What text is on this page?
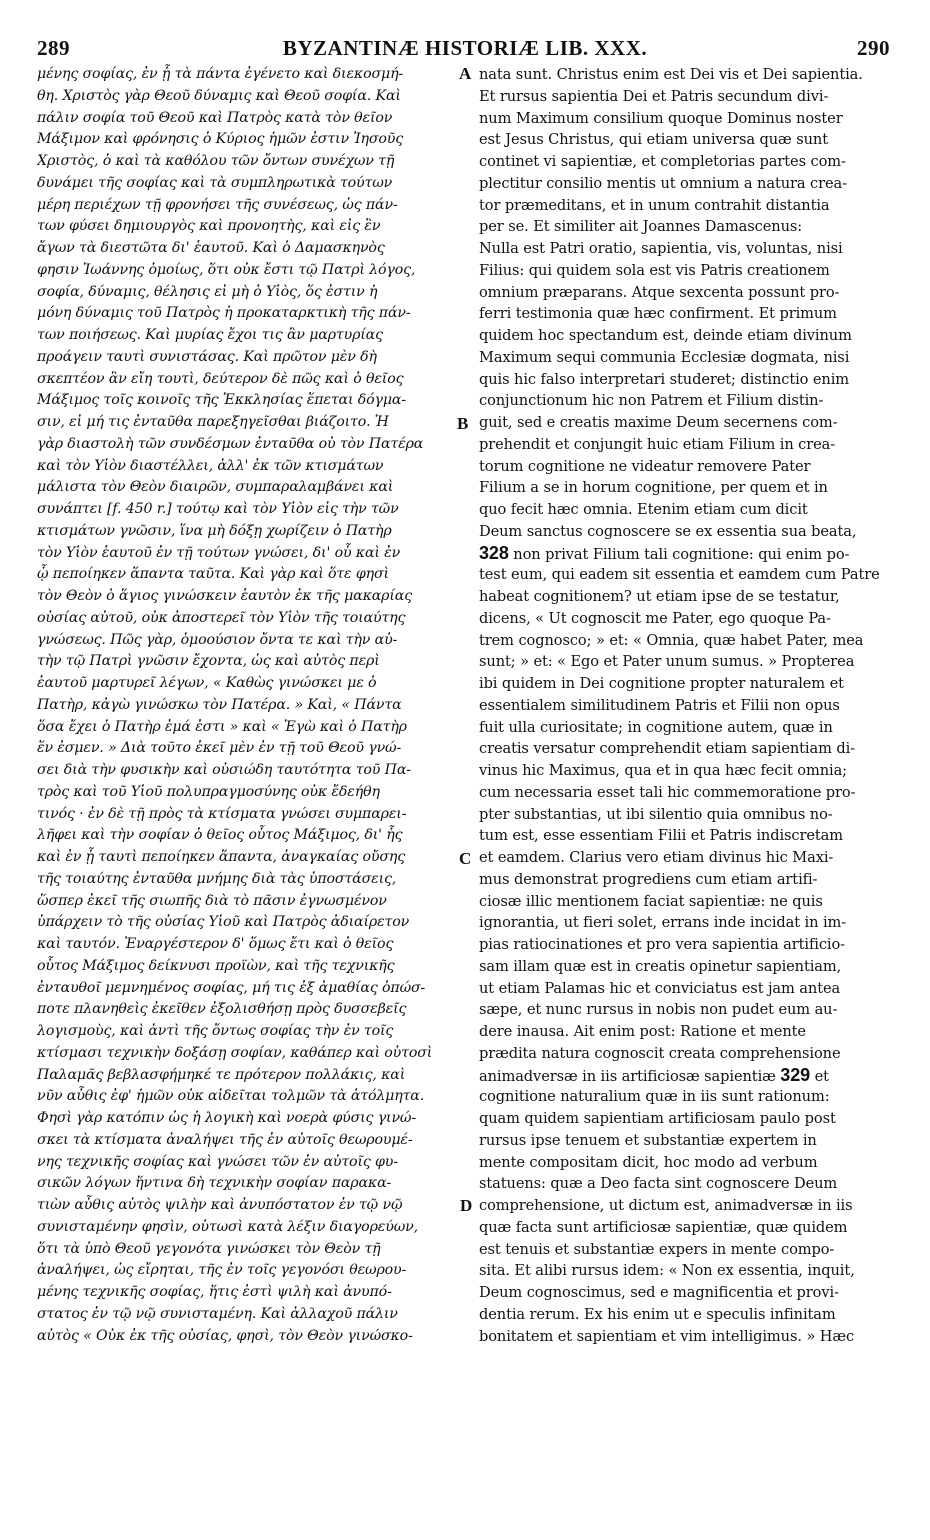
289	BYZANTINÆ HISTORIÆ LIB. XXX.	290
μένης σοφίας, ἐν ᾗ τὰ πάντα ἐγένετο καὶ διεκοσμή-
θη. Χριστὸς γὰρ Θεοῦ δύναμις καὶ Θεοῦ σοφία. Καὶ
πάλιν σοφία τοῦ Θεοῦ καὶ Πατρὸς κατὰ τὸν θεῖον
Μάξιμον καὶ φρόνησις ὁ Κύριος ἡμῶν ἐστιν Ἰησοῦς
Χριστὸς, ὁ καὶ τὰ καθόλου τῶν ὄντων συνέχων τῇ
δυνάμει τῆς σοφίας καὶ τὰ συμπληρωτικὰ τούτων
μέρη περιέχων τῇ φρονήσει τῆς συνέσεως, ὡς πάν-
των φύσει δημιουργὸς καὶ προνοητὴς, καὶ εἰς ἓν
ἄγων τὰ διεστῶτα δι' ἑαυτοῦ. Καὶ ὁ Δαμασκηνὸς
φησιν Ἰωάννης ὁμοίως, ὅτι οὐκ ἔστι τῷ Πατρὶ λόγος,
σοφία, δύναμις, θέλησις εἰ μὴ ὁ Υἱὸς, ὅς ἐστιν ἡ
μόνη δύναμις τοῦ Πατρὸς ἡ προκαταρκτικὴ τῆς πάν-
των ποιήσεως. Καὶ μυρίας ἔχοι τις ἂν μαρτυρίας
προάγειν ταυτὶ συνιστάσας. Καὶ πρῶτον μὲν δὴ
σκεπτέον ἂν εἴη τουτὶ, δεύτερον δὲ πῶς καὶ ὁ θεῖος
Μάξιμος τοῖς κοινοῖς τῆς Ἐκκλησίας ἕπεται δόγμα-
σιν, εἰ μή τις ἐνταῦθα παρεξηγεῖσθαι βιάζοιτο. Ἡ
γὰρ διαστολὴ τῶν συνδέσμων ἐνταῦθα οὐ τὸν Πατέρα
καὶ τὸν Υἱὸν διαστέλλει, ἀλλ' ἐκ τῶν κτισμάτων
μάλιστα τὸν Θεὸν διαιρῶν, συμπαραλαμβάνει καὶ
συνάπτει [f. 450 r.] τούτῳ καὶ τὸν Υἱὸν εἰς τὴν τῶν
κτισμάτων γνῶσιν, ἵνα μὴ δόξῃ χωρίζειν ὁ Πατὴρ
τὸν Υἱὸν ἑαυτοῦ ἐν τῇ τούτων γνώσει, δι' οὗ καὶ ἐν
ᾧ πεποίηκεν ἅπαντα ταῦτα. Καὶ γὰρ καὶ ὅτε φησὶ
τὸν Θεὸν ὁ ἅγιος γινώσκειν ἑαυτὸν ἐκ τῆς μακαρίας
οὐσίας αὐτοῦ, οὐκ ἀποστερεῖ τὸν Υἱὸν τῆς τοιαύτης
γνώσεως. Πῶς γὰρ, ὁμοούσιον ὄντα τε καὶ τὴν αὐ-
τὴν τῷ Πατρὶ γνῶσιν ἔχοντα, ὡς καὶ αὐτὸς περὶ
ἑαυτοῦ μαρτυρεῖ λέγων, « Καθὼς γινώσκει με ὁ
Πατὴρ, κἀγὼ γινώσκω τὸν Πατέρα. » Καὶ, « Πάντα
ὅσα ἔχει ὁ Πατὴρ ἐμά ἐστι » καὶ « Ἐγὼ καὶ ὁ Πατὴρ
ἕν ἐσμεν. » Διὰ τοῦτο ἐκεῖ μὲν ἐν τῇ τοῦ Θεοῦ γνώ-
σει διὰ τὴν φυσικὴν καὶ οὐσιώδη ταυτότητα τοῦ Πα-
τρὸς καὶ τοῦ Υἱοῦ πολυπραγμοσύνης οὐκ ἔδεήθη
τινός · ἐν δὲ τῇ πρὸς τὰ κτίσματα γνώσει συμπαρει-
λῆφει καὶ τὴν σοφίαν ὁ θεῖος οὗτος Μάξιμος, δι' ἧς
καὶ ἐν ᾗ ταυτὶ πεποίηκεν ἅπαντα, ἀναγκαίας οὔσης
τῆς τοιαύτης ἐνταῦθα μνήμης διὰ τὰς ὑποστάσεις,
ὥσπερ ἐκεῖ τῆς σιωπῆς διὰ τὸ πᾶσιν ἐγνωσμένον
ὑπάρχειν τὸ τῆς οὐσίας Υἱοῦ καὶ Πατρὸς ἀδιαίρετον
καὶ ταυτόν. Ἐναργέστερον δ' ὅμως ἔτι καὶ ὁ θεῖος
οὗτος Μάξιμος δείκνυσι προϊὼν, καὶ τῆς τεχνικῆς
ἐνταυθοῖ μεμνημένος σοφίας, μή τις ἐξ ἀμαθίας ὁπώσ-
ποτε πλανηθεὶς ἐκεῖθεν ἐξολισθήσῃ πρὸς δυσσεβεῖς
λογισμοὺς, καὶ ἀντὶ τῆς ὄντως σοφίας τὴν ἐν τοῖς
κτίσμασι τεχνικὴν δοξάσῃ σοφίαν, καθάπερ καὶ οὑτοσὶ
Παλαμᾶς βεβλασφήμηκέ τε πρότερον πολλάκις, καὶ
νῦν αὖθις ἐφ' ἡμῶν οὐκ αἰδεῖται τολμῶν τὰ ἀτόλμητα.
Φησὶ γὰρ κατόπιν ὡς ἡ λογικὴ καὶ νοερὰ φύσις γινώ-
σκει τὰ κτίσματα ἀναλήψει τῆς ἐν αὐτοῖς θεωρουμέ-
νης τεχνικῆς σοφίας καὶ γνώσει τῶν ἐν αὐτοῖς φυ-
σικῶν λόγων ἥντινα δὴ τεχνικὴν σοφίαν παρακα-
τιὼν αὖθις αὐτὸς ψιλὴν καὶ ἀνυπόστατον ἐν τῷ νῷ
συνισταμένην φησὶν, οὑτωσὶ κατὰ λέξιν διαγορεύων,
ὅτι τὰ ὑπὸ Θεοῦ γεγονότα γινώσκει τὸν Θεὸν τῇ
ἀναλήψει, ὡς εἴρηται, τῆς ἐν τοῖς γεγονόσι θεωρου-
μένης τεχνικῆς σοφίας, ἥτις ἐστὶ ψιλὴ καὶ ἀνυπό-
στατος ἐν τῷ νῷ συνισταμένη. Καὶ ἀλλαχοῦ πάλιν
αὐτὸς « Οὐκ ἐκ τῆς οὐσίας, φησὶ, τὸν Θεὸν γινώσκο-
nata sunt. Christus enim est Dei vis et Dei sapientia.
Et rursus sapientia Dei et Patris secundum divi-
num Maximum consilium quoque Dominus noster
est Jesus Christus, qui etiam universa quæ sunt
continet vi sapientiæ, et completorias partes com-
plectitur consilio mentis ut omnium a natura crea-
tor præmeditans, et in unum contrahit distantia
per se. Et similiter ait Joannes Damascenus:
Nulla est Patri oratio, sapientia, vis, voluntas, nisi
Filius: qui quidem sola est vis Patris creationem
omnium præparans. Atque sexcenta possunt pro-
ferri testimonia quæ hæc confirment. Et primum
quidem hoc spectandum est, deinde etiam divinum
Maximum sequi communia Ecclesiæ dogmata, nisi
quis hic falso interpretari studeret; distinctio enim
conjunctionum hic non Patrem et Filium distin-
guit, sed e creatis maxime Deum secernens com-
prehendit et conjungit huic etiam Filium in crea-
torum cognitione ne videatur removere Pater
Filium a se in horum cognitione, per quem et in
quo fecit hæc omnia. Etenim etiam cum dicit
Deum sanctus cognoscere se ex essentia sua beata,
328 non privat Filium tali cognitione: qui enim po-
test eum, qui eadem sit essentia et eamdem cum Patre
habeat cognitionem? ut etiam ipse de se testatur,
dicens, « Ut cognoscit me Pater, ego quoque Pa-
trem cognosco; » et: « Omnia, quæ habet Pater, mea
sunt; » et: « Ego et Pater unum sumus. » Propterea
ibi quidem in Dei cognitione propter naturalem et
essentialem similitudinem Patris et Filii non opus
fuit ulla curiositate; in cognitione autem, quæ in
creatis versatur comprehendit etiam sapientiam di-
vinus hic Maximus, qua et in qua hæc fecit omnia;
cum necessaria esset tali hic commemoratione pro-
pter substantias, ut ibi silentio quia omnibus no-
tum est, esse essentiam Filii et Patris indiscretam
et eamdem. Clarius vero etiam divinus hic Maxi-
mus demonstrat progrediens cum etiam artifi-
ciosæ illic mentionem faciat sapientiæ: ne quis
ignorantia, ut fieri solet, errans inde incidat in im-
pias ratiocinationes et pro vera sapientia artificio-
sam illam quæ est in creatis opinetur sapientiam,
ut etiam Palamas hic et conviciatus est jam antea
sæpe, et nunc rursus in nobis non pudet eum au-
dere inausa. Ait enim post: Ratione et mente
prædita natura cognoscit creata comprehensione
animadversæ in iis artificiosæ sapientiæ 329 et
cognitione naturalium quæ in iis sunt rationum:
quam quidem sapientiam artificiosam paulo post
rursus ipse tenuem et substantiæ expertem in
mente compositam dicit, hoc modo ad verbum
statuens: quæ a Deo facta sint cognoscere Deum
comprehensione, ut dictum est, animadversæ in iis
quæ facta sunt artificiosæ sapientiæ, quæ quidem
est tenuis et substantiæ expers in mente compo-
sita. Et alibi rursus idem: « Non ex essentia, inquit,
Deum cognoscimus, sed e magnificentia et provi-
dentia rerum. Ex his enim ut e speculis infinitam
bonitatem et sapientiam et vim intelligimus. » Hæc
A
B
C
D
